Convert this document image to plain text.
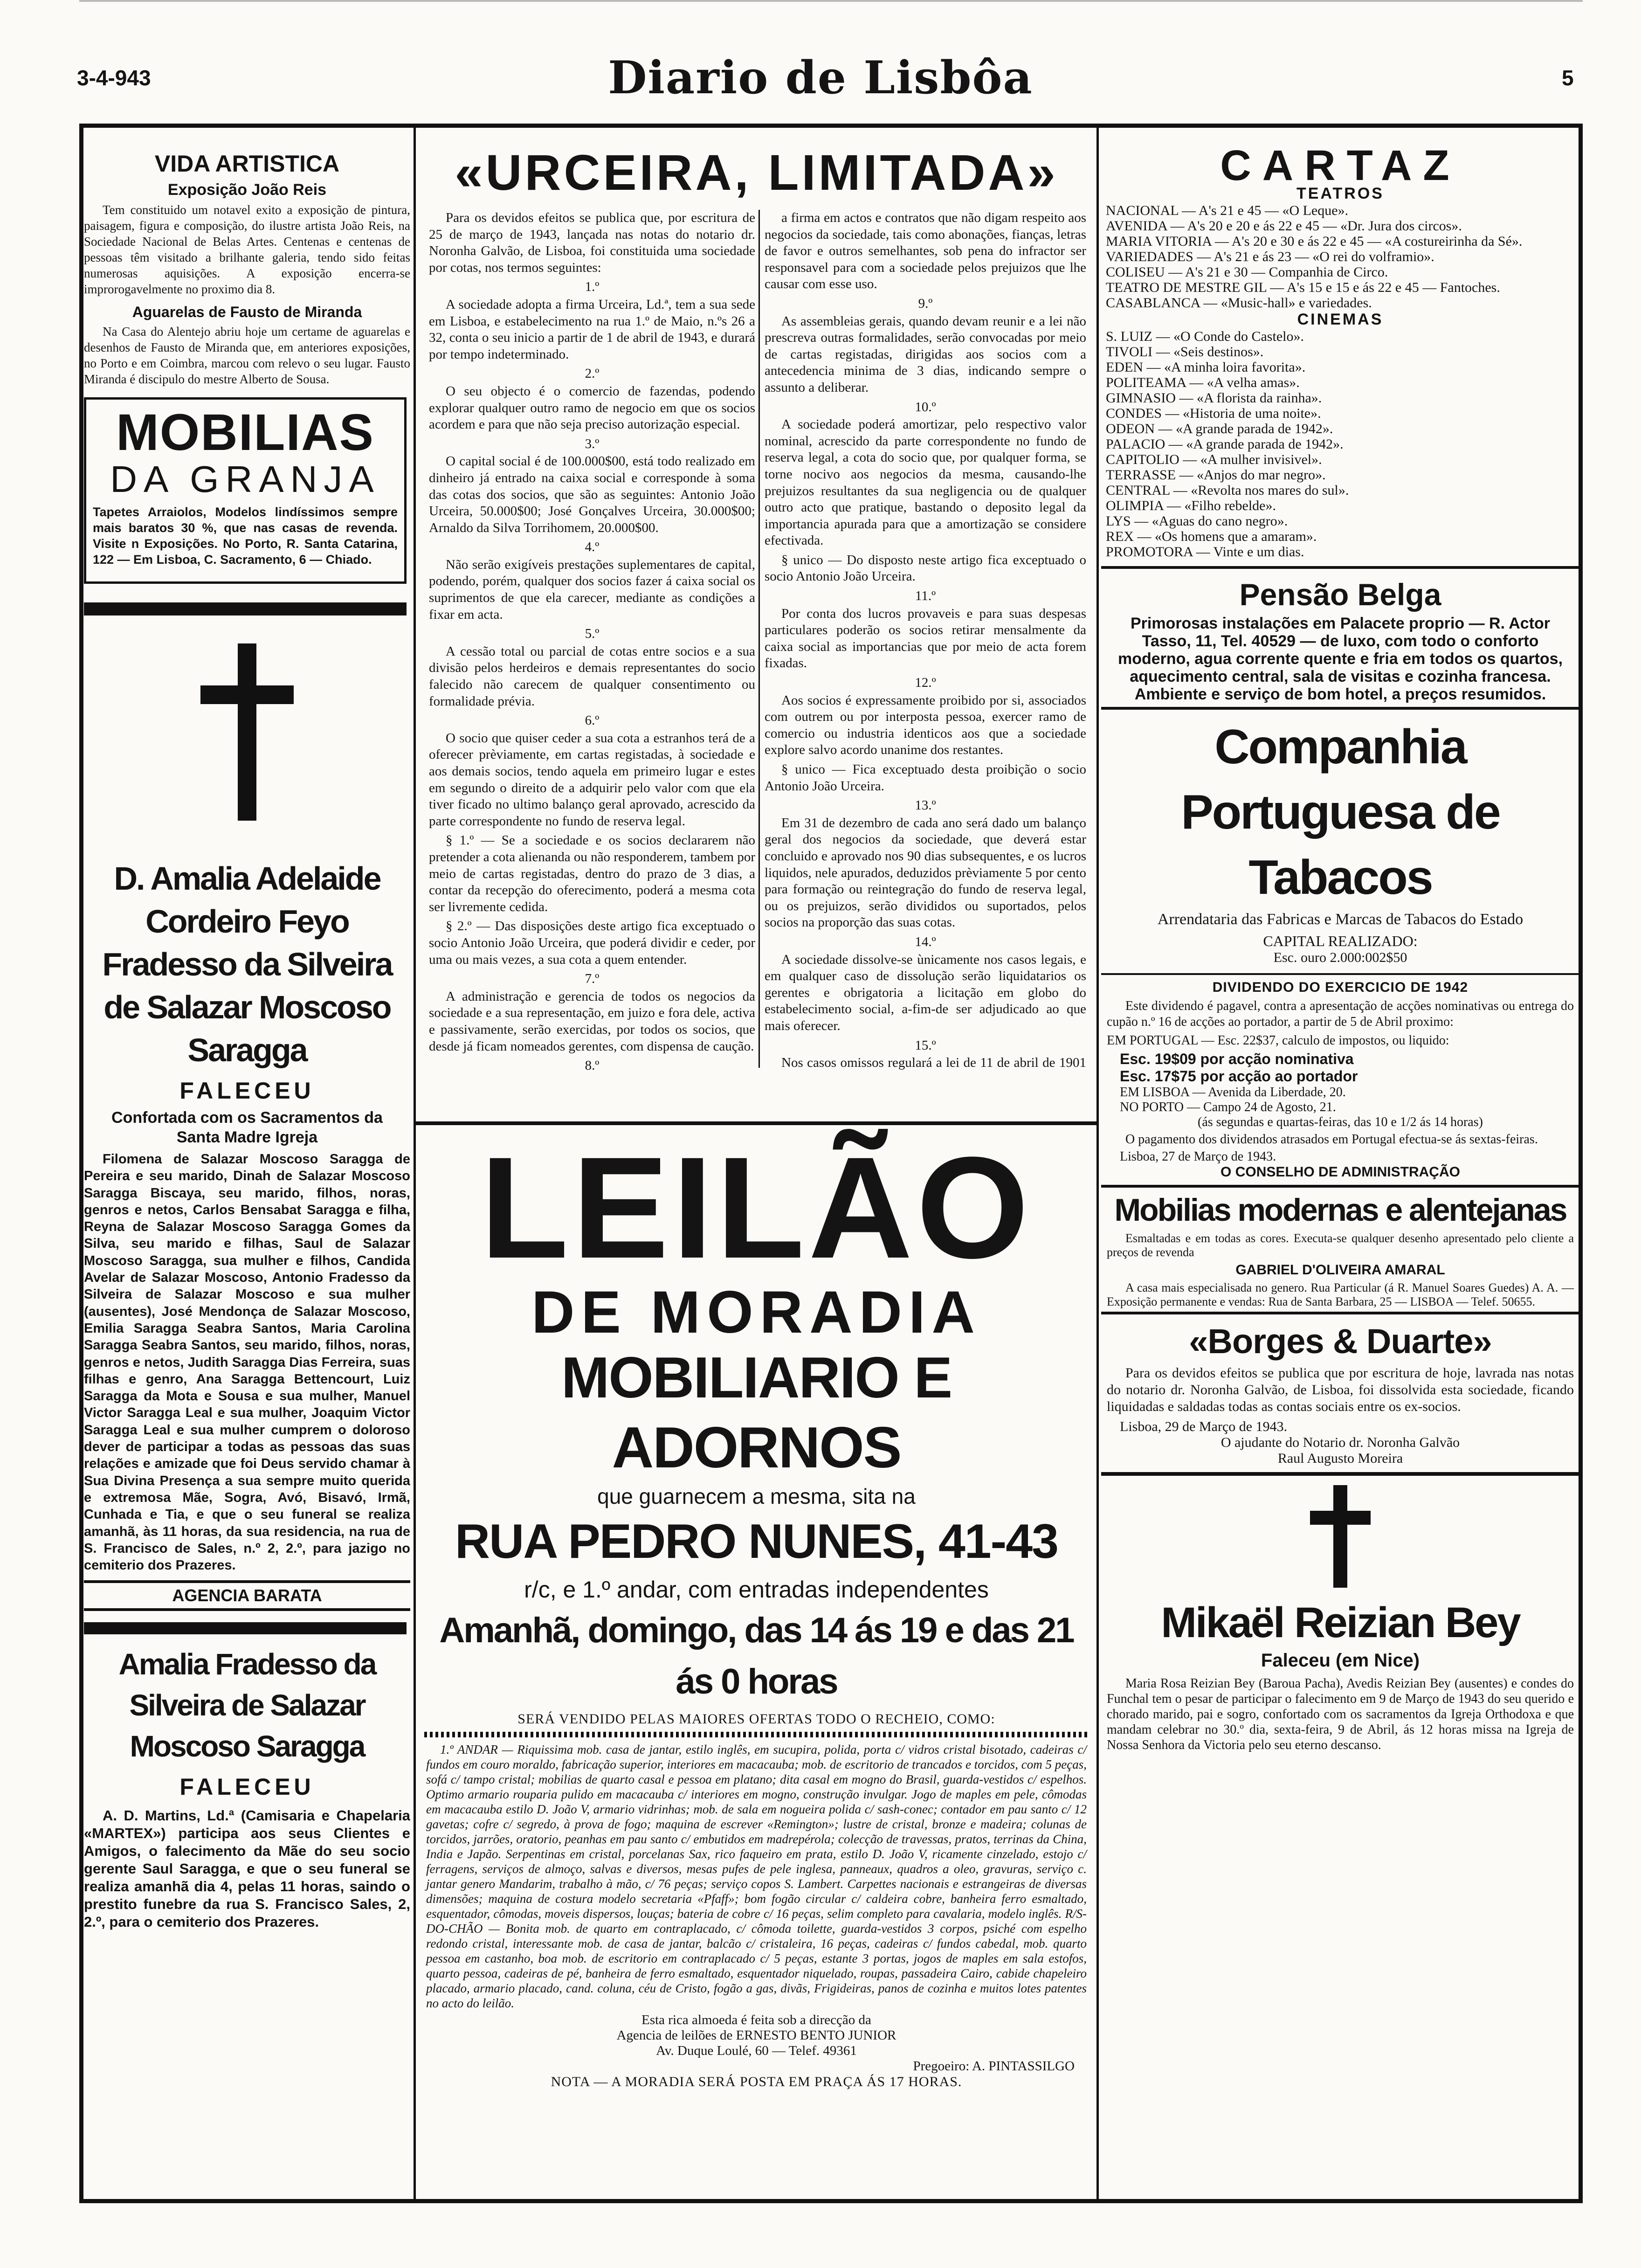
3-4-943	Diario de Lisbôa	5
VIDA ARTISTICA
Exposição João Reis

Tem constituido um notavel exito a exposição de pintura, paisagem, figura e composição, do ilustre artista João Reis, na Sociedade Nacional de Belas Artes. Centenas e centenas de pessoas têm visitado a brilhante galeria, tendo sido feitas numerosas aquisições. A exposição encerra-se improrogavelmente no proximo dia 8.

Aguarelas de Fausto de Miranda

Na Casa do Alentejo abriu hoje um certame de aguarelas e desenhos de Fausto de Miranda que, em anteriores exposições, no Porto e em Coimbra, marcou com relevo o seu lugar. Fausto Miranda é discipulo do mestre Alberto de Sousa.

MOBILIAS
DA GRANJA

Tapetes Arraiolos, Modelos lindíssimos sempre mais baratos 30 %, que nas casas de revenda. Visite n Exposições. No Porto, R. Santa Catarina, 122 — Em Lisboa, C. Sacramento, 6 — Chiado.

D. Amalia Adelaide Cordeiro Feyo Fradesso da Silveira de Salazar Moscoso Saragga
FALECEU
Confortada com os Sacramentos da Santa Madre Igreja

Filomena de Salazar Moscoso Saragga de Pereira e seu marido, Dinah de Salazar Moscoso Saragga Biscaya, seu marido, filhos, noras, genros e netos, Carlos Bensabat Saragga e filha, Reyna de Salazar Moscoso Saragga Gomes da Silva, seu marido e filhas, Saul de Salazar Moscoso Saragga, sua mulher e filhos, Candida Avelar de Salazar Moscoso, Antonio Fradesso da Silveira de Salazar Moscoso e sua mulher (ausentes), José Mendonça de Salazar Moscoso, Emilia Saragga Seabra Santos, Maria Carolina Saragga Seabra Santos, seu marido, filhos, noras, genros e netos, Judith Saragga Dias Ferreira, suas filhas e genro, Ana Saragga Bettencourt, Luiz Saragga da Mota e Sousa e sua mulher, Manuel Victor Saragga Leal e sua mulher, Joaquim Victor Saragga Leal e sua mulher cumprem o doloroso dever de participar a todas as pessoas das suas relações e amizade que foi Deus servido chamar à Sua Divina Presença a sua sempre muito querida e extremosa Mãe, Sogra, Avó, Bisavó, Irmã, Cunhada e Tia, e que o seu funeral se realiza amanhã, às 11 horas, da sua residencia, na rua de S. Francisco de Sales, n.º 2, 2.º, para jazigo no cemiterio dos Prazeres.

AGENCIA BARATA
Amalia Fradesso da Silveira de Salazar Moscoso Saragga
FALECEU

A. D. Martins, Ld.ª (Camisaria e Chapelaria «MARTEX») participa aos seus Clientes e Amigos, o falecimento da Mãe do seu socio gerente Saul Saragga, e que o seu funeral se realiza amanhã dia 4, pelas 11 horas, saindo o prestito funebre da rua S. Francisco Sales, 2, 2.º, para o cemiterio dos Prazeres.

«URCEIRA, LIMITADA»

Para os devidos efeitos se publica que, por escritura de 25 de março de 1943, lançada nas notas do notario dr. Noronha Galvão, de Lisboa, foi constituida uma sociedade por cotas, nos termos seguintes:

1.º

A sociedade adopta a firma Urceira, Ld.ª, tem a sua sede em Lisboa, e estabelecimento na rua 1.º de Maio, n.ºs 26 a 32, conta o seu inicio a partir de 1 de abril de 1943, e durará por tempo indeterminado.

2.º

O seu objecto é o comercio de fazendas, podendo explorar qualquer outro ramo de negocio em que os socios acordem e para que não seja preciso autorização especial.

3.º

O capital social é de 100.000$00, está todo realizado em dinheiro já entrado na caixa social e corresponde à soma das cotas dos socios, que são as seguintes: Antonio João Urceira, 50.000$00; José Gonçalves Urceira, 30.000$00; Arnaldo da Silva Torrihomem, 20.000$00.

4.º

Não serão exigíveis prestações suplementares de capital, podendo, porém, qualquer dos socios fazer á caixa social os suprimentos de que ela carecer, mediante as condições a fixar em acta.

5.º

A cessão total ou parcial de cotas entre socios e a sua divisão pelos herdeiros e demais representantes do socio falecido não carecem de qualquer consentimento ou formalidade prévia.

6.º

O socio que quiser ceder a sua cota a estranhos terá de a oferecer prèviamente, em cartas registadas, à sociedade e aos demais socios, tendo aquela em primeiro lugar e estes em segundo o direito de a adquirir pelo valor com que ela tiver ficado no ultimo balanço geral aprovado, acrescido da parte correspondente no fundo de reserva legal.

§ 1.º — Se a sociedade e os socios declararem não pretender a cota alienanda ou não responderem, tambem por meio de cartas registadas, dentro do prazo de 3 dias, a contar da recepção do oferecimento, poderá a mesma cota ser livremente cedida.

§ 2.º — Das disposições deste artigo fica exceptuado o socio Antonio João Urceira, que poderá dividir e ceder, por uma ou mais vezes, a sua cota a quem entender.

7.º

A administração e gerencia de todos os negocios da sociedade e a sua representação, em juizo e fora dele, activa e passivamente, serão exercidas, por todos os socios, que desde já ficam nomeados gerentes, com dispensa de caução.

8.º

a firma em actos e contratos que não digam respeito aos negocios da sociedade, tais como abonações, fianças, letras de favor e outros semelhantes, sob pena do infractor ser responsavel para com a sociedade pelos prejuizos que lhe causar com esse uso.

9.º

As assembleias gerais, quando devam reunir e a lei não prescreva outras formalidades, serão convocadas por meio de cartas registadas, dirigidas aos socios com a antecedencia minima de 3 dias, indicando sempre o assunto a deliberar.

10.º

A sociedade poderá amortizar, pelo respectivo valor nominal, acrescido da parte correspondente no fundo de reserva legal, a cota do socio que, por qualquer forma, se torne nocivo aos negocios da mesma, causando-lhe prejuizos resultantes da sua negligencia ou de qualquer outro acto que pratique, bastando o deposito legal da importancia apurada para que a amortização se considere efectivada.

§ unico — Do disposto neste artigo fica exceptuado o socio Antonio João Urceira.

11.º

Por conta dos lucros provaveis e para suas despesas particulares poderão os socios retirar mensalmente da caixa social as importancias que por meio de acta forem fixadas.

12.º

Aos socios é expressamente proibido por si, associados com outrem ou por interposta pessoa, exercer ramo de comercio ou industria identicos aos que a sociedade explore salvo acordo unanime dos restantes.

§ unico — Fica exceptuado desta proibição o socio Antonio João Urceira.

13.º

Em 31 de dezembro de cada ano será dado um balanço geral dos negocios da sociedade, que deverá estar concluido e aprovado nos 90 dias subsequentes, e os lucros liquidos, nele apurados, deduzidos prèviamente 5 por cento para formação ou reintegração do fundo de reserva legal, ou os prejuizos, serão divididos ou suportados, pelos socios na proporção das suas cotas.

14.º

A sociedade dissolve-se ùnicamente nos casos legais, e em qualquer caso de dissolução serão liquidatarios os gerentes e obrigatoria a licitação em globo do estabelecimento social, a-fim-de ser adjudicado ao que mais oferecer.

15.º

Nos casos omissos regulará a lei de 11 de abril de 1901

LEILÃO
DE MORADIA
MOBILIARIO E ADORNOS
que guarnecem a mesma, sita na
RUA PEDRO NUNES, 41-43
r/c, e 1.º andar, com entradas independentes
Amanhã, domingo, das 14 ás 19 e das 21 ás 0 horas
SERÁ VENDIDO PELAS MAIORES OFERTAS TODO O RECHEIO, COMO:

1.º ANDAR — Riquissima mob. casa de jantar, estilo inglês, em sucupira, polida, porta c/ vidros cristal bisotado, cadeiras c/ fundos em couro moraldo, fabricação superior, interiores em macacauba; mob. de escritorio de trancados e torcidos, com 5 peças, sofá c/ tampo cristal; mobilias de quarto casal e pessoa em platano; dita casal em mogno do Brasil, guarda-vestidos c/ espelhos. Optimo armario rouparia pulido em macacauba c/ interiores em mogno, construção invulgar. Jogo de maples em pele, cômodas em macacauba estilo D. João V, armario vidrinhas; mob. de sala em nogueira polida c/ sash-conec; contador em pau santo c/ 12 gavetas; cofre c/ segredo, à prova de fogo; maquina de escrever «Remington»; lustre de cristal, bronze e madeira; colunas de torcidos, jarrões, oratorio, peanhas em pau santo c/ embutidos em madrepérola; colecção de travessas, pratos, terrinas da China, India e Japão. Serpentinas em cristal, porcelanas Sax, rico faqueiro em prata, estilo D. João V, ricamente cinzelado, estojo c/ ferragens, serviços de almoço, salvas e diversos, mesas pufes de pele inglesa, panneaux, quadros a oleo, gravuras, serviço c. jantar genero Mandarim, trabalho à mão, c/ 76 peças; serviço copos S. Lambert. Carpettes nacionais e estrangeiras de diversas dimensões; maquina de costura modelo secretaria «Pfaff»; bom fogão circular c/ caldeira cobre, banheira ferro esmaltado, esquentador, cômodas, moveis dispersos, louças; bateria de cobre c/ 16 peças, selim completo para cavalaria, modelo inglês. R/S-DO-CHÃO — Bonita mob. de quarto em contraplacado, c/ cômoda toilette, guarda-vestidos 3 corpos, psiché com espelho redondo cristal, interessante mob. de casa de jantar, balcão c/ cristaleira, 16 peças, cadeiras c/ fundos cabedal, mob. quarto pessoa em castanho, boa mob. de escritorio em contraplacado c/ 5 peças, estante 3 portas, jogos de maples em sala estofos, quarto pessoa, cadeiras de pé, banheira de ferro esmaltado, esquentador niquelado, roupas, passadeira Cairo, cabide chapeleiro placado, armario placado, cand. coluna, céu de Cristo, fogão a gas, divãs, Frigideiras, panos de cozinha e muitos lotes patentes no acto do leilão.

Esta rica almoeda é feita sob a direcção da
Agencia de leilões de ERNESTO BENTO JUNIOR
Av. Duque Loulé, 60 — Telef. 49361
Pregoeiro: A. PINTASSILGO
NOTA — A MORADIA SERÁ POSTA EM PRAÇA ÁS 17 HORAS.
CARTAZ
TEATROS
NACIONAL — A's 21 e 45 — «O Leque».
AVENIDA — A's 20 e 20 e ás 22 e 45 — «Dr. Jura dos circos».
MARIA VITORIA — A's 20 e 30 e ás 22 e 45 — «A costureirinha da Sé».
VARIEDADES — A's 21 e ás 23 — «O rei do volframio».
COLISEU — A's 21 e 30 — Companhia de Circo.
TEATRO DE MESTRE GIL — A's 15 e 15 e ás 22 e 45 — Fantoches.
CASABLANCA — «Music-hall» e variedades.
CINEMAS
S. LUIZ — «O Conde do Castelo».
TIVOLI — «Seis destinos».
EDEN — «A minha loira favorita».
POLITEAMA — «A velha amas».
GIMNASIO — «A florista da rainha».
CONDES — «Historia de uma noite».
ODEON — «A grande parada de 1942».
PALACIO — «A grande parada de 1942».
CAPITOLIO — «A mulher invisivel».
TERRASSE — «Anjos do mar negro».
CENTRAL — «Revolta nos mares do sul».
OLIMPIA — «Filho rebelde».
LYS — «Aguas do cano negro».
REX — «Os homens que a amaram».
PROMOTORA — Vinte e um dias.
Pensão Belga

Primorosas instalações em Palacete proprio — R. Actor Tasso, 11, Tel. 40529 — de luxo, com todo o conforto moderno, agua corrente quente e fria em todos os quartos, aquecimento central, sala de visitas e cozinha francesa. Ambiente e serviço de bom hotel, a preços resumidos.

Companhia Portuguesa de Tabacos
Arrendataria das Fabricas e Marcas de Tabacos do Estado
CAPITAL REALIZADO:
Esc. ouro 2.000:002$50
DIVIDENDO DO EXERCICIO DE 1942

Este dividendo é pagavel, contra a apresentação de acções nominativas ou entrega do cupão n.º 16 de acções ao portador, a partir de 5 de Abril proximo:

EM PORTUGAL — Esc. 22$37, calculo de impostos, ou liquido:

Esc. 19$09 por acção nominativa
Esc. 17$75 por acção ao portador
EM LISBOA — Avenida da Liberdade, 20.
NO PORTO — Campo 24 de Agosto, 21.
(ás segundas e quartas-feiras, das 10 e 1/2 ás 14 horas)

O pagamento dos dividendos atrasados em Portugal efectua-se ás sextas-feiras.

Lisboa, 27 de Março de 1943.
O CONSELHO DE ADMINISTRAÇÃO
Mobilias modernas e alentejanas

Esmaltadas e em todas as cores. Executa-se qualquer desenho apresentado pelo cliente a preços de revenda

GABRIEL D'OLIVEIRA AMARAL

A casa mais especialisada no genero. Rua Particular (á R. Manuel Soares Guedes) A. A. — Exposição permanente e vendas: Rua de Santa Barbara, 25 — LISBOA — Telef. 50655.

«Borges & Duarte»

Para os devidos efeitos se publica que por escritura de hoje, lavrada nas notas do notario dr. Noronha Galvão, de Lisboa, foi dissolvida esta sociedade, ficando liquidadas e saldadas todas as contas sociais entre os ex-socios.

Lisboa, 29 de Março de 1943.
O ajudante do Notario dr. Noronha Galvão
Raul Augusto Moreira
Mikaël Reizian Bey
Faleceu (em Nice)

Maria Rosa Reizian Bey (Baroua Pacha), Avedis Reizian Bey (ausentes) e condes do Funchal tem o pesar de participar o falecimento em 9 de Março de 1943 do seu querido e chorado marido, pai e sogro, confortado com os sacramentos da Igreja Orthodoxa e que mandam celebrar no 30.º dia, sexta-feira, 9 de Abril, ás 12 horas missa na Igreja de Nossa Senhora da Victoria pelo seu eterno descanso.
